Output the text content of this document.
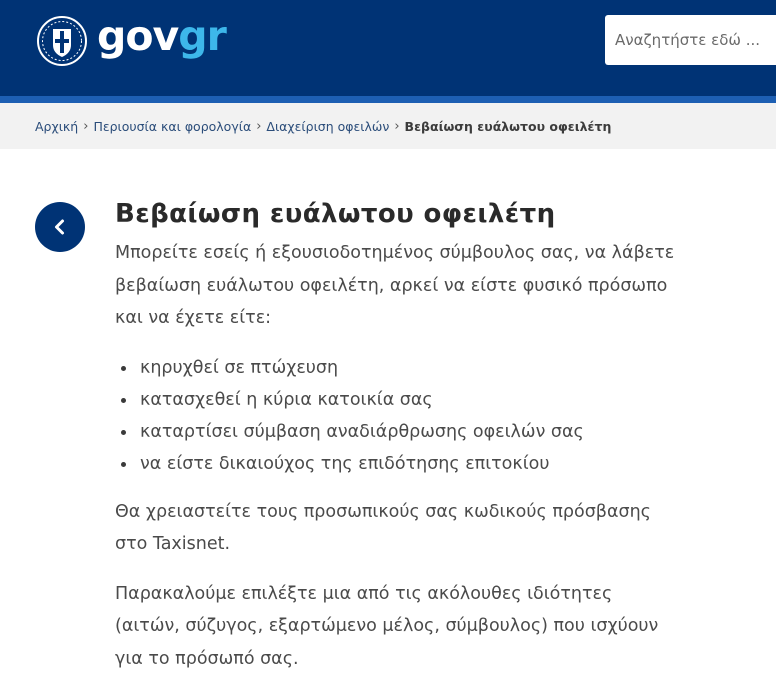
govgr
Αναζητήστε εδώ ...
Αρχική › Περιουσία και φορολογία › Διαχείριση οφειλών › Βεβαίωση ευάλωτου οφειλέτη
Βεβαίωση ευάλωτου οφειλέτη

Μπορείτε εσείς ή εξουσιοδοτημένος σύμβουλος σας, να λάβετε βεβαίωση ευάλωτου οφειλέτη, αρκεί να είστε φυσικό πρόσωπο και να έχετε είτε:

κηρυχθεί σε πτώχευση
κατασχεθεί η κύρια κατοικία σας
καταρτίσει σύμβαση αναδιάρθρωσης οφειλών σας
να είστε δικαιούχος της επιδότησης επιτοκίου

Θα χρειαστείτε τους προσωπικούς σας κωδικούς πρόσβασης στο Taxisnet.

Παρακαλούμε επιλέξτε μια από τις ακόλουθες ιδιότητες (αιτών, σύζυγος, εξαρτώμενο μέλος, σύμβουλος) που ισχύουν για το πρόσωπό σας.
